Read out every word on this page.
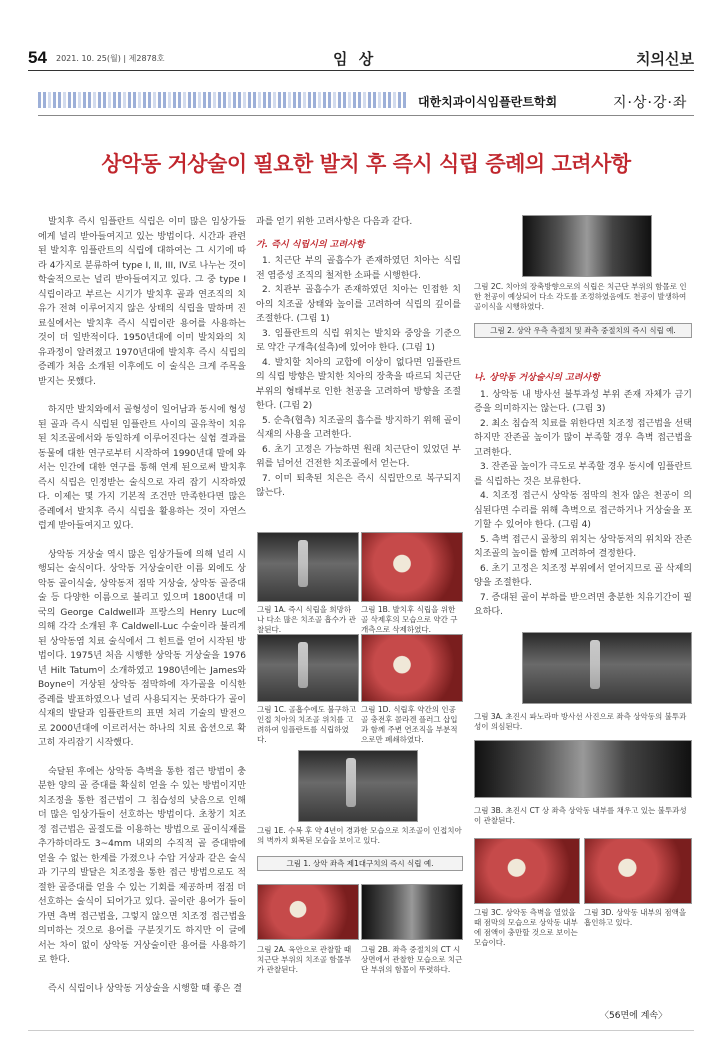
54 2021. 10. 25(월) | 제2878호	임 상	치의신보
대한치과이식임플란트학회	지·상·강·좌
상악동 거상술이 필요한 발치 후 즉시 식립 증례의 고려사항

발치후 즉시 임플란트 식립은 이미 많은 임상가들에게 널리 받아들여지고 있는 방법이다. 시간과 관련된 발치후 임플란트의 식립에 대하여는 그 시기에 따라 4가지로 분류하여 type I, II, III, IV로 나누는 것이 학술적으로는 널리 받아들여지고 있다. 그 중 type I 식립이라고 부르는 시기가 발치후 골과 연조직의 치유가 전혀 이루어지지 않은 상태의 식립을 말하며 진료실에서는 발치후 즉시 식립이란 용어를 사용하는 것이 더 일반적이다. 1950년대에 이미 발치와의 치유과정이 알려졌고 1970년대에 발치후 즉시 식립의 증례가 처음 소개된 이후에도 이 술식은 크게 주목을 받지는 못했다.

하지만 발치와에서 골형성이 일어남과 동시에 형성된 골과 즉시 식립된 임플란트 사이의 골유착이 치유된 치조골에서와 동일하게 이루어진다는 실험 결과를 동물에 대한 연구로부터 시작하여 1990년대 말에 와서는 인간에 대한 연구를 통해 연계 된으로써 발치후 즉시 식립은 인정받는 술식으로 자리 잡기 시작하였다. 이제는 몇 가지 기본적 조건만 만족한다면 많은 증례에서 발치후 즉시 식립을 활용하는 것이 자연스럽게 받아들여지고 있다.

상악동 거상술 역시 많은 임상가들에 의해 널리 시행되는 술식이다. 상악동 거상술이란 이름 외에도 상악동 골이식술, 상악동저 점막 거상술, 상악동 골증대술 등 다양한 이름으로 불리고 있으며 1800년대 미국의 George Caldwell과 프랑스의 Henry Luc에 의해 각각 소개된 후 Caldwell-Luc 수술이라 불리게 된 상악동염 치료 술식에서 그 힌트를 얻어 시작된 방법이다. 1975년 처음 시행한 상악동 거상술을 1976년 Hilt Tatum이 소개하였고 1980년에는 James와 Boyne이 거상된 상악동 점막하에 자가골을 이식한 증례를 발표하였으나 널리 사용되지는 못하다가 골이식재의 발달과 임플란트의 표면 처리 기술의 발전으로 2000년대에 이르러서는 하나의 치료 옵션으로 확고히 자리잡기 시작했다.

숙달된 후에는 상악동 측벽을 통한 접근 방법이 충분한 양의 골 증대를 확실히 얻을 수 있는 방법이지만 치조정을 통한 접근법이 그 침습성의 낮음으로 인해 더 많은 임상가들이 선호하는 방법이다. 초창기 치조정 접근법은 골절도를 이용하는 방법으로 골이식재를 추가하더라도 3~4mm 내외의 수직적 골 증대밖에 얻을 수 없는 한계를 가졌으나 수압 거상과 같은 술식과 기구의 발달은 치조정을 통한 접근 방법으로도 적절한 골증대를 얻을 수 있는 기회를 제공하며 점점 더 선호하는 술식이 되어가고 있다. 골이란 용어가 들이가면 측벽 접근법을, 그렇지 않으면 치조정 접근법을 의미하는 것으로 용어를 구분짓기도 하지만 이 글에서는 차이 없이 상악동 거상술이란 용어를 사용하기로 한다.

즉시 식립이나 상악동 거상술을 시행할 때 좋은 결

과를 얻기 위한 고려사항은 다음과 같다.

가. 즉시 식립시의 고려사항

1. 치근단 부의 골흡수가 존재하였던 치아는 식립전 염증성 조직의 철저한 소파를 시행한다.

2. 치관부 골흡수가 존재하였던 치아는 인접한 치아의 치조골 상태와 높이를 고려하여 식립의 깊이를 조절한다. (그림 1)

3. 임플란트의 식립 위치는 발치와 중앙을 기준으로 약간 구개측(설측)에 있어야 한다. (그림 1)

4. 발치할 치아의 교합에 이상이 없다면 임플란트의 식립 방향은 발치한 치아의 장축을 따르되 치근단 부위의 형태부로 인한 천공을 고려하여 방향을 조절한다. (그림 2)

5. 순측(협측) 치조골의 흡수를 방지하기 위해 골이식재의 사용을 고려한다.

6. 초기 고정은 가능하면 원래 치근단이 있었던 부위를 넘어선 건전한 치조골에서 얻는다.

7. 이미 퇴축된 치은은 즉시 식립만으로 복구되지 않는다.

나. 상악동 거상술시의 고려사항

1. 상악동 내 방사선 불투과성 부위 존재 자체가 금기증을 의미하지는 않는다. (그림 3)

2. 최소 침습적 치료를 위한다면 치조정 접근법을 선택하지만 잔존골 높이가 많이 부족할 경우 측벽 접근법을 고려한다.

3. 잔존골 높이가 극도로 부족할 경우 동시에 임플란트를 식립하는 것은 보류한다.

4. 치조정 접근시 상악동 점막의 천자 않은 천공이 의심된다면 수리를 위해 측벽으로 접근하거나 거상술을 포기할 수 있어야 한다. (그림 4)

5. 측벽 접근시 골창의 위치는 상악동저의 위치와 잔존 치조골의 높이를 함께 고려하여 결정한다.

6. 초기 고정은 치조정 부위에서 얻어지므로 골 삭제의 양을 조절한다.

7. 증대된 골이 부하를 받으려면 충분한 치유기간이 필요하다.

그림 2C. 치아의 장축방향으로의 식립은 치근단 부위의 함몰로 인한 천공이 예상되어 다소 각도를 조정하였음에도 천공이 발생하여 골이식을 시행하였다.
그림 2. 상악 우측 측절치 및 좌측 중절치의 즉시 식립 예.
그림 1A. 즉시 식립을 희망하나 다소 많은 치조골 흡수가 관찰된다.
그림 1B. 발치후 식립을 위한 골 삭제후의 모습으로 약간 구개측으로 삭제하였다.
그림 1C. 골흡수에도 불구하고 인접 치아의 치조골 위치를 고려하여 임플란트를 식립하였다.
그림 1D. 식립후 약간의 인공골 충전후 콜라겐 플러그 삽입과 함께 주변 연조직을 부분적으로만 폐쇄하였다.
그림 1E. 수복 후 약 4년이 경과한 모습으로 치조골이 인접치아의 벽까지 회복된 모습을 보이고 있다.
그림 1. 상악 좌측 제1대구치의 즉시 식립 예.
그림 2A. 육안으로 관찰할 때 치근단 부위의 치조골 함몰부가 관찰된다.
그림 2B. 좌측 중절치의 CT 시상면에서 관찰한 모습으로 치근단 부위의 함몰이 뚜렷하다.
그림 3A. 초진시 파노라마 방사선 사진으로 좌측 상악동의 불투과성이 의심된다.
그림 3B. 초진시 CT 상 좌측 상악동 내부를 채우고 있는 불투과성이 관찰된다.
그림 3C. 상악동 측벽을 열었을 때 점막의 모습으로 상악동 내부에 점액이 충만할 것으로 보이는 모습이다.
그림 3D. 상악동 내부의 점액을 흡인하고 있다.
〈56면에 계속〉
